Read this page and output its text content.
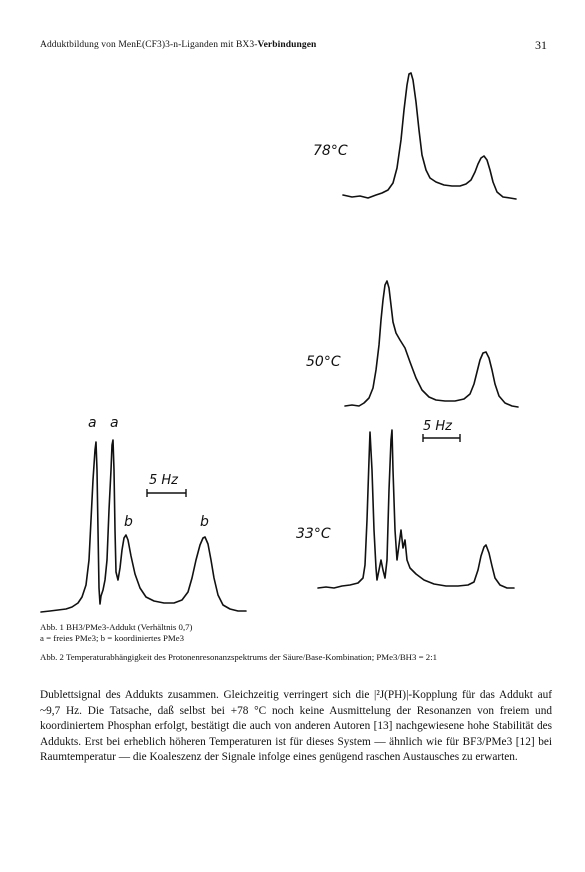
Adduktbildung von MenE(CF3)3-n-Liganden mit BX3-Verbindungen	31
78°C
50°C
5 Hz
33°C
a a
b	b
5 Hz
Abb. 1 BH3/PMe3-Addukt (Verhältnis 0,7)
a = freies PMe3; b = koordiniertes PMe3
Abb. 2 Temperaturabhängigkeit des Protonenresonanzspektrums der Säure/Base-Kombination; PMe3/BH3 = 2:1

Dublettsignal des Addukts zusammen. Gleichzeitig verringert sich die |²J(PH)|-Kopplung für das Addukt auf ~9,7 Hz. Die Tatsache, daß selbst bei +78 °C noch keine Ausmittelung der Resonanzen von freiem und koordiniertem Phosphan erfolgt, bestätigt die auch von anderen Autoren [13] nachgewiesene hohe Stabilität des Addukts. Erst bei erheblich höheren Temperaturen ist für dieses System — ähnlich wie für BF3/PMe3 [12] bei Raumtemperatur — die Koaleszenz der Signale infolge eines genügend raschen Austausches zu erwarten.
